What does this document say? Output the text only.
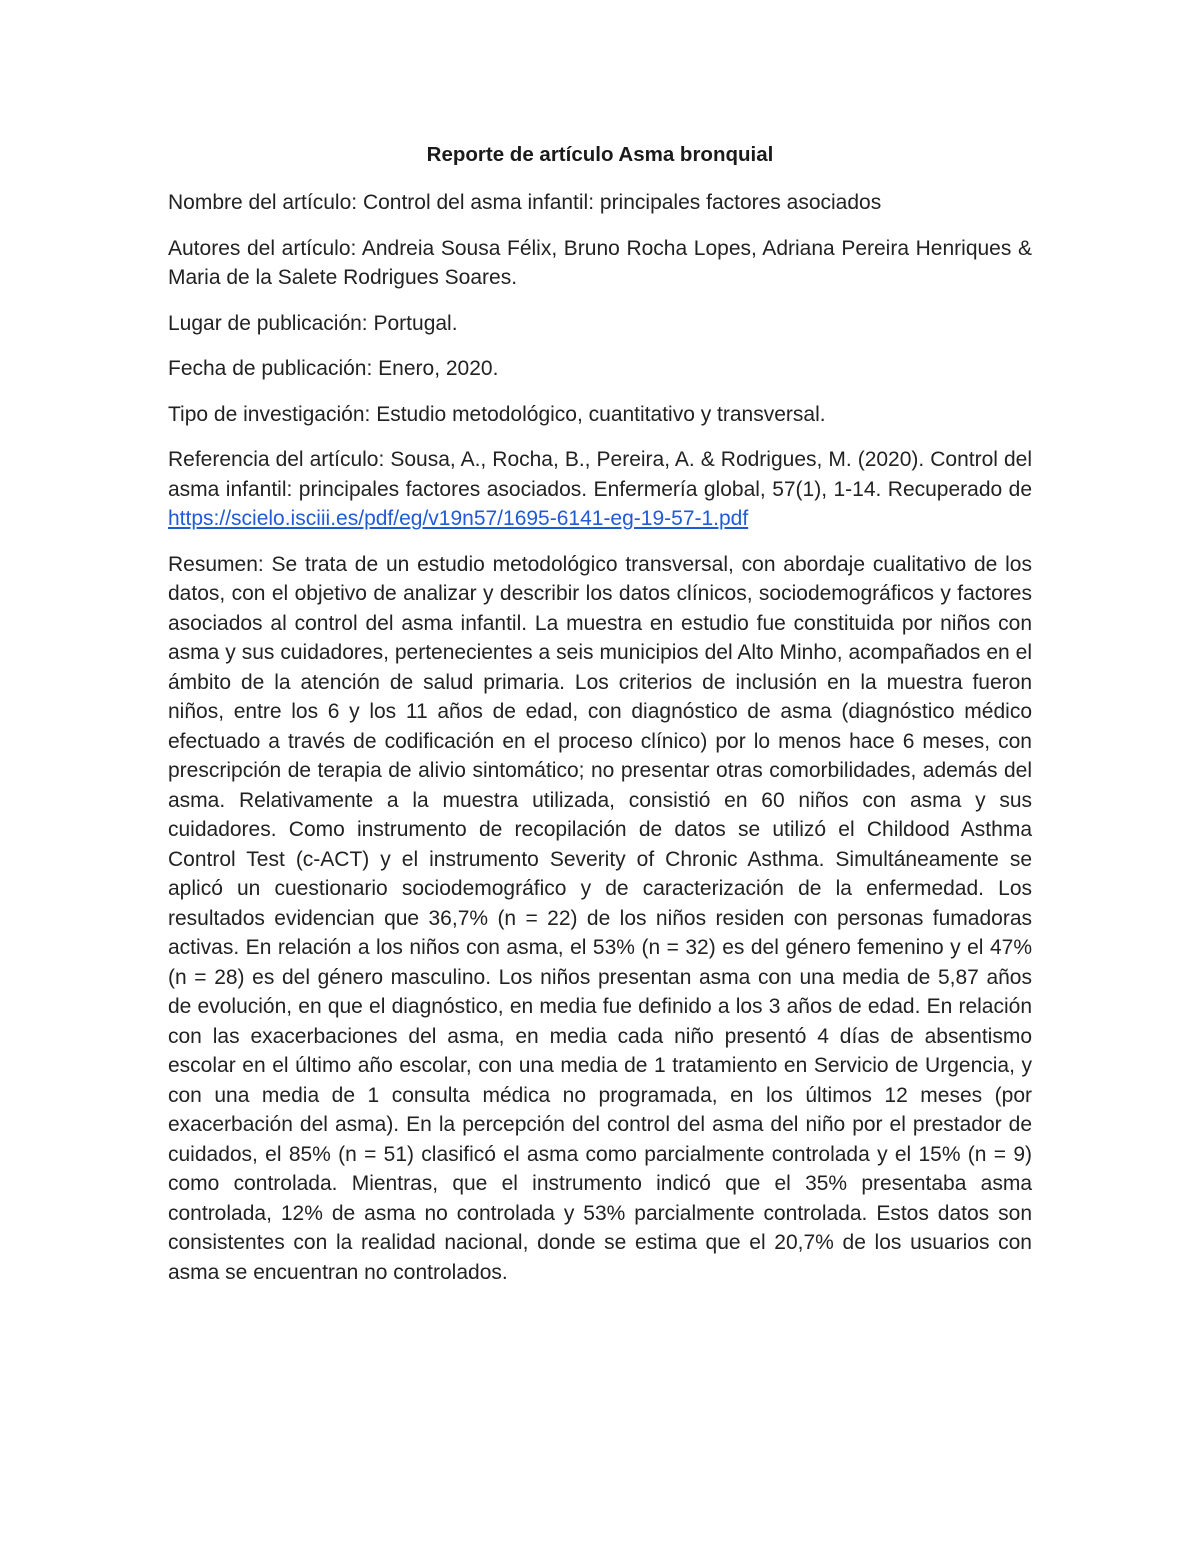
Reporte de artículo Asma bronquial

Nombre del artículo: Control del asma infantil: principales factores asociados

Autores del artículo: Andreia Sousa Félix, Bruno Rocha Lopes, Adriana Pereira Henriques & Maria de la Salete Rodrigues Soares.

Lugar de publicación: Portugal.

Fecha de publicación: Enero, 2020.

Tipo de investigación: Estudio metodológico, cuantitativo y transversal.

Referencia del artículo: Sousa, A., Rocha, B., Pereira, A. & Rodrigues, M. (2020). Control del asma infantil: principales factores asociados. Enfermería global, 57(1), 1-14. Recuperado de https://scielo.isciii.es/pdf/eg/v19n57/1695-6141-eg-19-57-1.pdf

Resumen: Se trata de un estudio metodológico transversal, con abordaje cualitativo de los datos, con el objetivo de analizar y describir los datos clínicos, sociodemográficos y factores asociados al control del asma infantil. La muestra en estudio fue constituida por niños con asma y sus cuidadores, pertenecientes a seis municipios del Alto Minho, acompañados en el ámbito de la atención de salud primaria. Los criterios de inclusión en la muestra fueron niños, entre los 6 y los 11 años de edad, con diagnóstico de asma (diagnóstico médico efectuado a través de codificación en el proceso clínico) por lo menos hace 6 meses, con prescripción de terapia de alivio sintomático; no presentar otras comorbilidades, además del asma. Relativamente a la muestra utilizada, consistió en 60 niños con asma y sus cuidadores. Como instrumento de recopilación de datos se utilizó el Childood Asthma Control Test (c-ACT) y el instrumento Severity of Chronic Asthma. Simultáneamente se aplicó un cuestionario sociodemográfico y de caracterización de la enfermedad. Los resultados evidencian que 36,7% (n = 22) de los niños residen con personas fumadoras activas. En relación a los niños con asma, el 53% (n = 32) es del género femenino y el 47% (n = 28) es del género masculino. Los niños presentan asma con una media de 5,87 años de evolución, en que el diagnóstico, en media fue definido a los 3 años de edad. En relación con las exacerbaciones del asma, en media cada niño presentó 4 días de absentismo escolar en el último año escolar, con una media de 1 tratamiento en Servicio de Urgencia, y con una media de 1 consulta médica no programada, en los últimos 12 meses (por exacerbación del asma). En la percepción del control del asma del niño por el prestador de cuidados, el 85% (n = 51) clasificó el asma como parcialmente controlada y el 15% (n = 9) como controlada. Mientras, que el instrumento indicó que el 35% presentaba asma controlada, 12% de asma no controlada y 53% parcialmente controlada. Estos datos son consistentes con la realidad nacional, donde se estima que el 20,7% de los usuarios con asma se encuentran no controlados.
